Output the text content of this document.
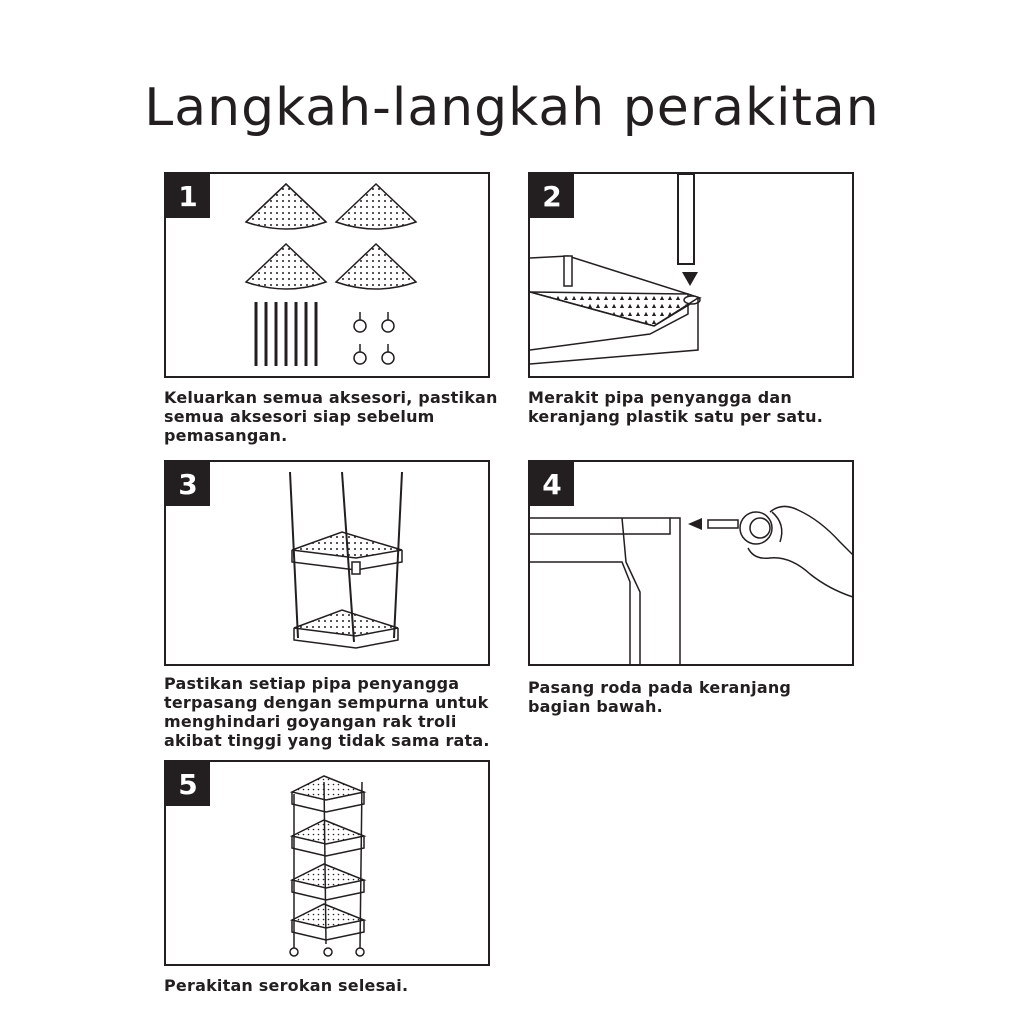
Langkah-langkah perakitan
1
Keluarkan semua aksesori, pastikan
semua aksesori siap sebelum
pemasangan.
2
Merakit pipa penyangga dan
keranjang plastik satu per satu.
3
Pastikan setiap pipa penyangga
terpasang dengan sempurna untuk
menghindari goyangan rak troli
akibat tinggi yang tidak sama rata.
4
Pasang roda pada keranjang
bagian bawah.
5
Perakitan serokan selesai.
